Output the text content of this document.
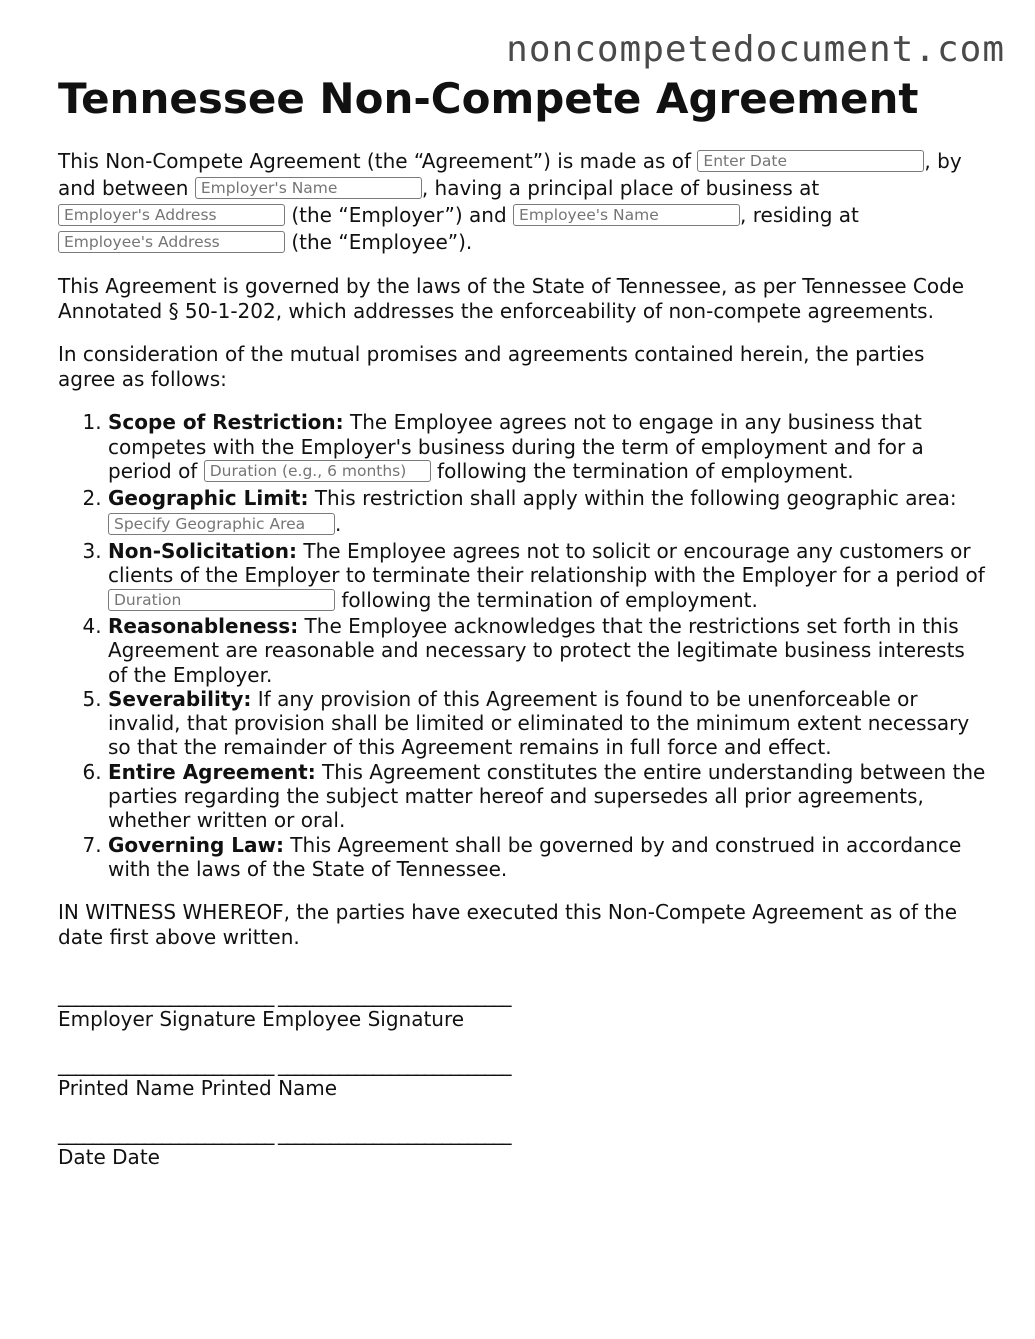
noncompetedocument.com
Tennessee Non-Compete Agreement

This Non-Compete Agreement (the “Agreement”) is made as of Enter Date	, by and between Employer's Name	, having a principal place of business at Employer's Address (the “Employer”) and Employee's Name	, residing at Employee's Address (the “Employee”).

This Agreement is governed by the laws of the State of Tennessee, as per Tennessee Code Annotated § 50-1-202, which addresses the enforceability of non-compete agreements.

In consideration of the mutual promises and agreements contained herein, the parties agree as follows:

1. Scope of Restriction: The Employee agrees not to engage in any business that competes with the Employer's business during the term of employment and for a period of Duration (e.g., 6 months)	following the termination of employment.
2. Geographic Limit: This restriction shall apply within the following geographic area: Specify Geographic Area.
3. Non-Solicitation: The Employee agrees not to solicit or encourage any customers or clients of the Employer to terminate their relationship with the Employer for a period of Duration following the termination of employment.
4. Reasonableness: The Employee acknowledges that the restrictions set forth in this Agreement are reasonable and necessary to protect the legitimate business interests of the Employer.
5. Severability: If any provision of this Agreement is found to be unenforceable or invalid, that provision shall be limited or eliminated to the minimum extent necessary so that the remainder of this Agreement remains in full force and effect.
6. Entire Agreement: This Agreement constitutes the entire understanding between the parties regarding the subject matter hereof and supersedes all prior agreements, whether written or oral.
7. Governing Law: This Agreement shall be governed by and construed in accordance with the laws of the State of Tennessee.

IN WITNESS WHEREOF, the parties have executed this Non-Compete Agreement as of the date first above written.

_________________________ ___________________________
Employer Signature Employee Signature
_________________________ ___________________________
Printed Name Printed Name
_________________________ ___________________________
Date Date
